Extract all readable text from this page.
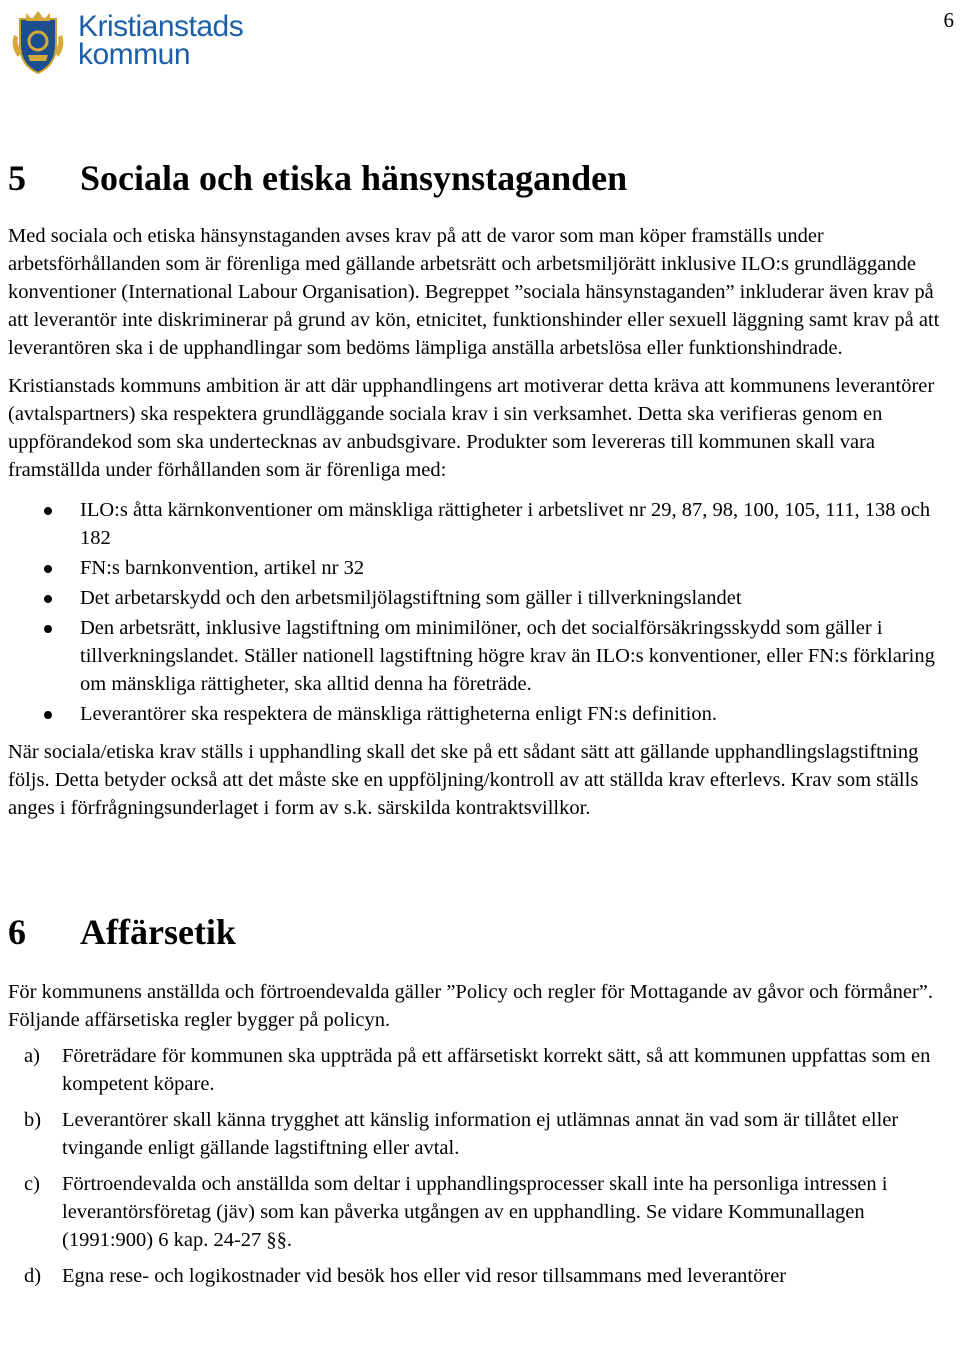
Kristianstads
kommun
6
5	Sociala och etiska hänsynstaganden

Med sociala och etiska hänsynstaganden avses krav på att de varor som man köper framställs under arbetsförhållanden som är förenliga med gällande arbetsrätt och arbetsmiljörätt inklusive ILO:s grundläggande konventioner (International Labour Organisation). Begreppet ”sociala hänsynstaganden” inkluderar även krav på att leverantör inte diskriminerar på grund av kön, etnicitet, funktionshinder eller sexuell läggning samt krav på att leverantören ska i de upphandlingar som bedöms lämpliga anställa arbetslösa eller funktionshindrade.

Kristianstads kommuns ambition är att där upphandlingens art motiverar detta kräva att kommunens leverantörer (avtalspartners) ska respektera grundläggande sociala krav i sin verksamhet. Detta ska verifieras genom en uppförandekod som ska undertecknas av anbudsgivare. Produkter som levereras till kommunen skall vara framställda under förhållanden som är förenliga med:

ILO:s åtta kärnkonventioner om mänskliga rättigheter i arbetslivet nr 29, 87, 98, 100, 105, 111, 138 och 182
FN:s barnkonvention, artikel nr 32
Det arbetarskydd och den arbetsmiljölagstiftning som gäller i tillverkningslandet
Den arbetsrätt, inklusive lagstiftning om minimilöner, och det socialförsäkringsskydd som gäller i tillverkningslandet. Ställer nationell lagstiftning högre krav än ILO:s konventioner, eller FN:s förklaring om mänskliga rättigheter, ska alltid denna ha företräde.
Leverantörer ska respektera de mänskliga rättigheterna enligt FN:s definition.

När sociala/etiska krav ställs i upphandling skall det ske på ett sådant sätt att gällande upphandlingslagstiftning följs. Detta betyder också att det måste ske en uppföljning/kontroll av att ställda krav efterlevs. Krav som ställs anges i förfrågningsunderlaget i form av s.k. särskilda kontraktsvillkor.

6	Affärsetik

För kommunens anställda och förtroendevalda gäller ”Policy och regler för Mottagande av gåvor och förmåner”. Följande affärsetiska regler bygger på policyn.

a) Företrädare för kommunen ska uppträda på ett affärsetiskt korrekt sätt, så att kommunen uppfattas som en kompetent köpare.
b) Leverantörer skall känna trygghet att känslig information ej utlämnas annat än vad som är tillåtet eller tvingande enligt gällande lagstiftning eller avtal.
c) Förtroendevalda och anställda som deltar i upphandlingsprocesser skall inte ha personliga intressen i leverantörsföretag (jäv) som kan påverka utgången av en upphandling. Se vidare Kommunallagen (1991:900) 6 kap. 24-27 §§.
d) Egna rese- och logikostnader vid besök hos eller vid resor tillsammans med leverantörer
